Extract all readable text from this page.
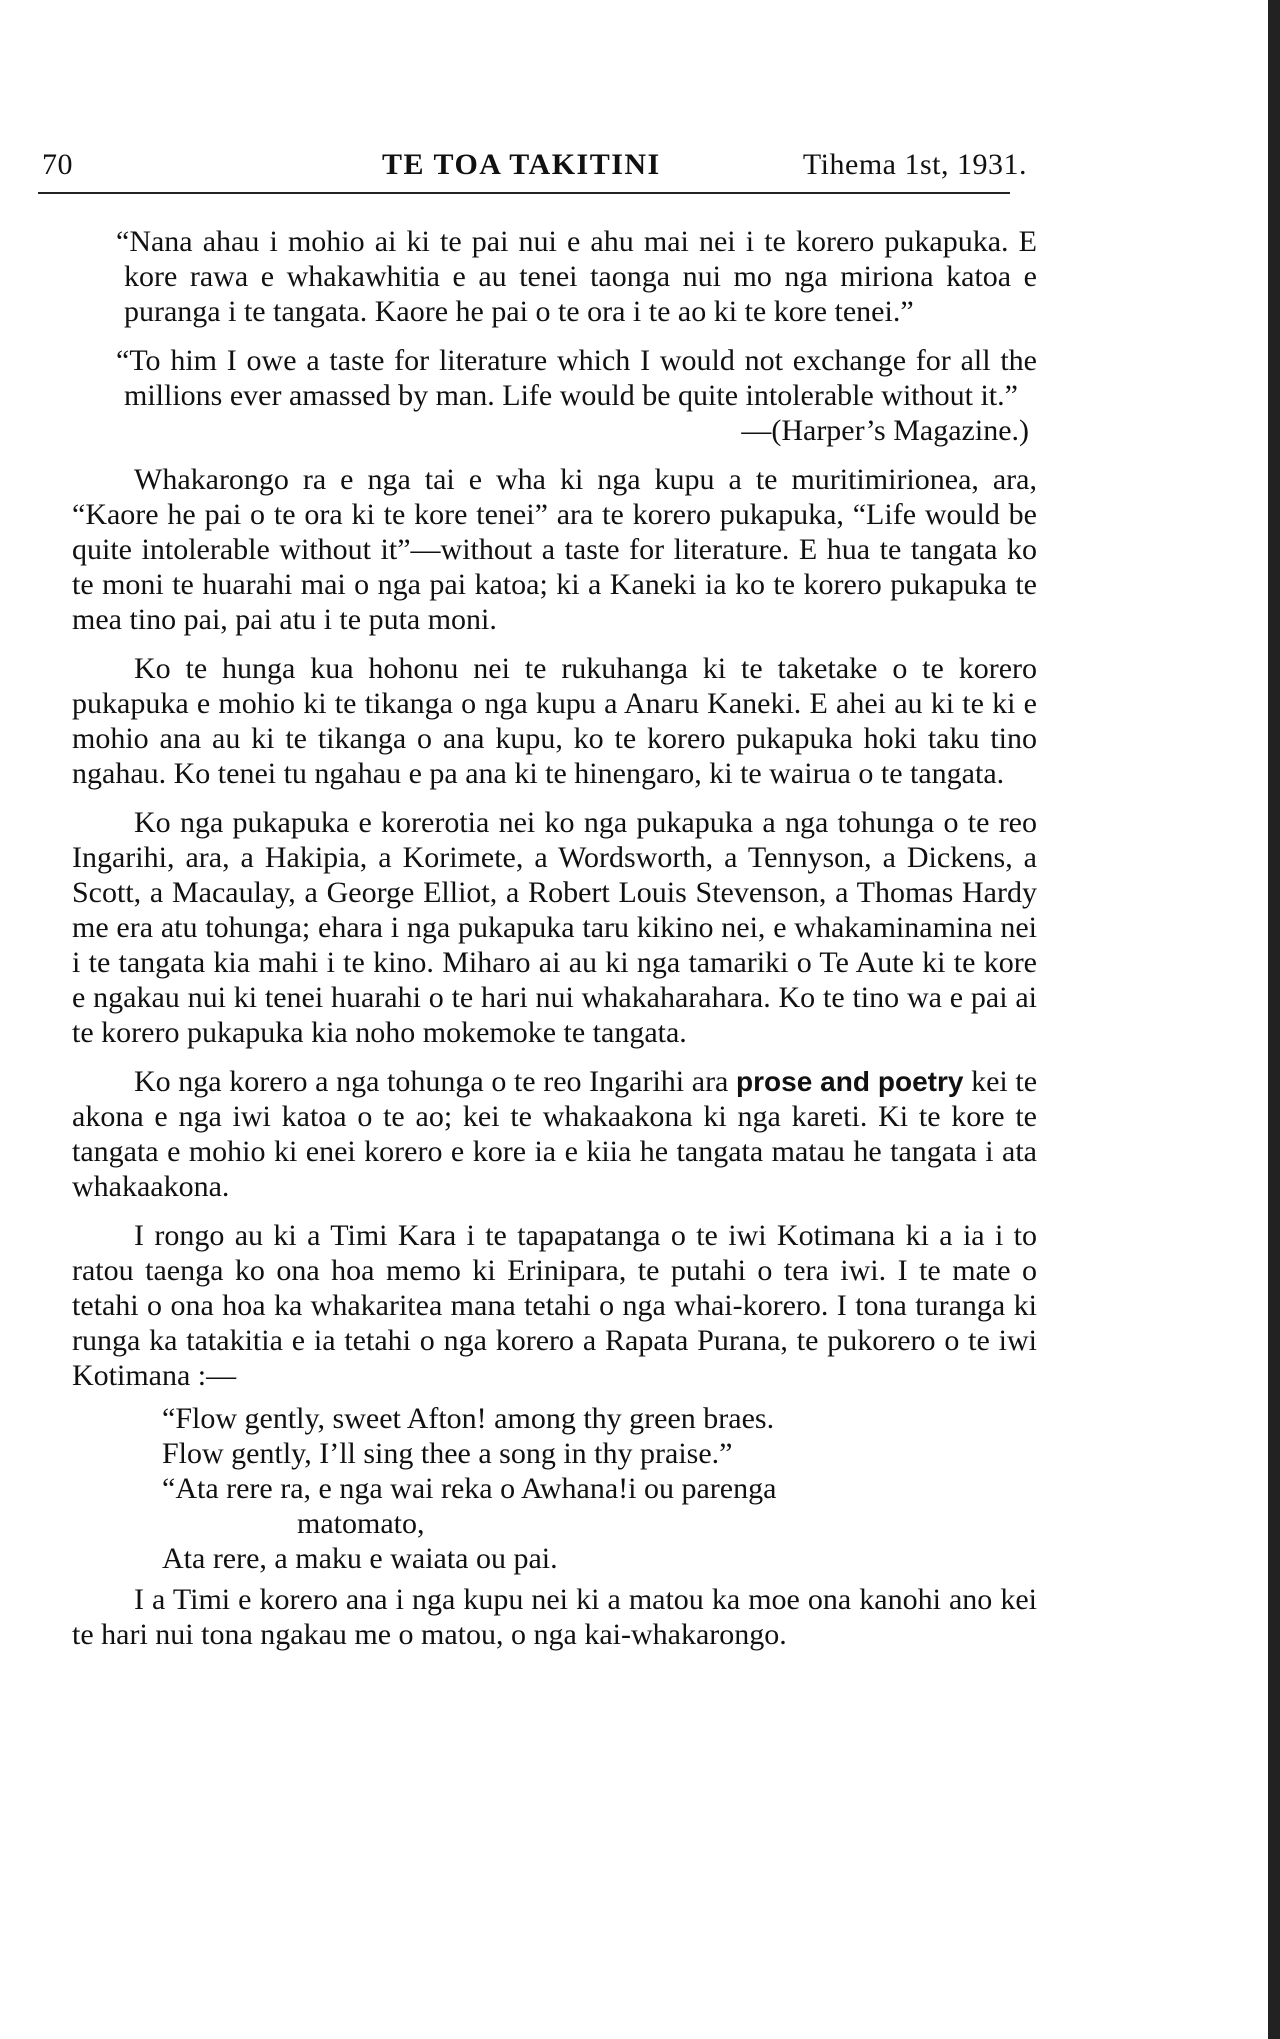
70	TE TOA TAKITINI	Tihema 1st, 1931.

“Nana ahau i mohio ai ki te pai nui e ahu mai nei i te korero pukapuka. E kore rawa e whakawhitia e au tenei taonga nui mo nga miriona katoa e puranga i te tangata. Kaore he pai o te ora i te ao ki te kore tenei.”

“To him I owe a taste for literature which I would not exchange for all the millions ever amassed by man. Life would be quite intolerable without it.”

—(Harper’s Magazine.)

Whakarongo ra e nga tai e wha ki nga kupu a te muritimirionea, ara, “Kaore he pai o te ora ki te kore tenei” ara te korero pukapuka, “Life would be quite intolerable without it”—without a taste for literature. E hua te tangata ko te moni te huarahi mai o nga pai katoa; ki a Kaneki ia ko te korero pukapuka te mea tino pai, pai atu i te puta moni.

Ko te hunga kua hohonu nei te rukuhanga ki te taketake o te korero pukapuka e mohio ki te tikanga o nga kupu a Anaru Kaneki. E ahei au ki te ki e mohio ana au ki te tikanga o ana kupu, ko te korero pukapuka hoki taku tino ngahau. Ko tenei tu ngahau e pa ana ki te hinengaro, ki te wairua o te tangata.

Ko nga pukapuka e korerotia nei ko nga pukapuka a nga tohunga o te reo Ingarihi, ara, a Hakipia, a Korimete, a Wordsworth, a Tennyson, a Dickens, a Scott, a Macaulay, a George Elliot, a Robert Louis Stevenson, a Thomas Hardy me era atu tohunga; ehara i nga pukapuka taru kikino nei, e whakaminamina nei i te tangata kia mahi i te kino. Miharo ai au ki nga tamariki o Te Aute ki te kore e ngakau nui ki tenei huarahi o te hari nui whakaharahara. Ko te tino wa e pai ai te korero pukapuka kia noho mokemoke te tangata.

Ko nga korero a nga tohunga o te reo Ingarihi ara prose and poetry kei te akona e nga iwi katoa o te ao; kei te whakaakona ki nga kareti. Ki te kore te tangata e mohio ki enei korero e kore ia e kiia he tangata matau he tangata i ata whakaakona.

I rongo au ki a Timi Kara i te tapapatanga o te iwi Kotimana ki a ia i to ratou taenga ko ona hoa memo ki Erinipara, te putahi o tera iwi. I te mate o tetahi o ona hoa ka whakaritea mana tetahi o nga whai-korero. I tona turanga ki runga ka tatakitia e ia tetahi o nga korero a Rapata Purana, te pukorero o te iwi Kotimana :—

“Flow gently, sweet Afton! among thy green braes.
Flow gently, I’ll sing thee a song in thy praise.”
“Ata rere ra, e nga wai reka o Awhana!i ou parenga
matomato,
Ata rere, a maku e waiata ou pai.

I a Timi e korero ana i nga kupu nei ki a matou ka moe ona kanohi ano kei te hari nui tona ngakau me o matou, o nga kai-whakarongo.
